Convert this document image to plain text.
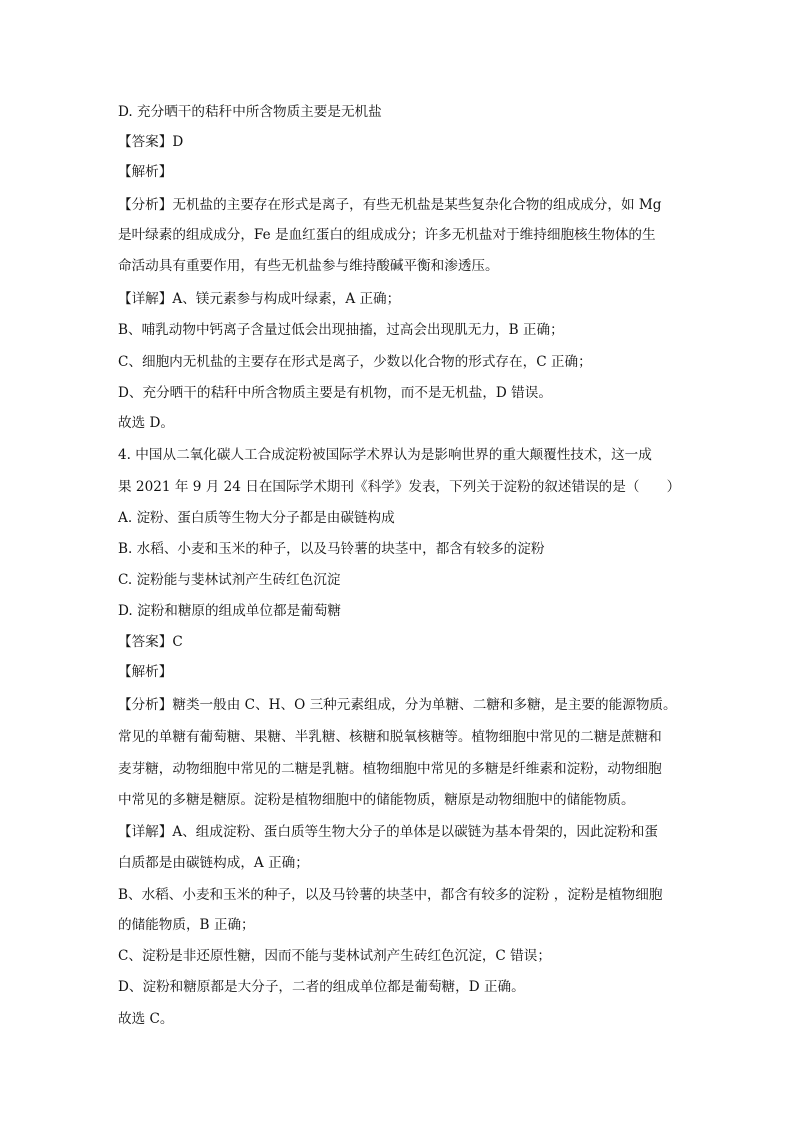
D. 充分晒干的秸秆中所含物质主要是无机盐
【答案】D
【解析】
【分析】无机盐的主要存在形式是离子，有些无机盐是某些复杂化合物的组成成分，如 Mg
是叶绿素的组成成分，Fe 是血红蛋白的组成成分；许多无机盐对于维持细胞核生物体的生
命活动具有重要作用，有些无机盐参与维持酸碱平衡和渗透压。
【详解】A、镁元素参与构成叶绿素，A 正确；
B、哺乳动物中钙离子含量过低会出现抽搐，过高会出现肌无力，B 正确；
C、细胞内无机盐的主要存在形式是离子，少数以化合物的形式存在，C 正确；
D、充分晒干的秸秆中所含物质主要是有机物，而不是无机盐，D 错误。
故选 D。
4. 中国从二氧化碳人工合成淀粉被国际学术界认为是影响世界的重大颠覆性技术，这一成
果 2021 年 9 月 24 日在国际学术期刊《科学》发表，下列关于淀粉的叙述错误的是（　　）
A. 淀粉、蛋白质等生物大分子都是由碳链构成
B. 水稻、小麦和玉米的种子，以及马铃薯的块茎中，都含有较多的淀粉
C. 淀粉能与斐林试剂产生砖红色沉淀
D. 淀粉和糖原的组成单位都是葡萄糖
【答案】C
【解析】
【分析】糖类一般由 C、H、O 三种元素组成，分为单糖、二糖和多糖，是主要的能源物质。
常见的单糖有葡萄糖、果糖、半乳糖、核糖和脱氧核糖等。植物细胞中常见的二糖是蔗糖和
麦芽糖，动物细胞中常见的二糖是乳糖。植物细胞中常见的多糖是纤维素和淀粉，动物细胞
中常见的多糖是糖原。淀粉是植物细胞中的储能物质，糖原是动物细胞中的储能物质。
【详解】A、组成淀粉、蛋白质等生物大分子的单体是以碳链为基本骨架的，因此淀粉和蛋
白质都是由碳链构成，A 正确；
B、水稻、小麦和玉米的种子，以及马铃薯的块茎中，都含有较多的淀粉 ，淀粉是植物细胞
的储能物质，B 正确；
C、淀粉是非还原性糖，因而不能与斐林试剂产生砖红色沉淀，C 错误；
D、淀粉和糖原都是大分子，二者的组成单位都是葡萄糖，D 正确。
故选 C。
